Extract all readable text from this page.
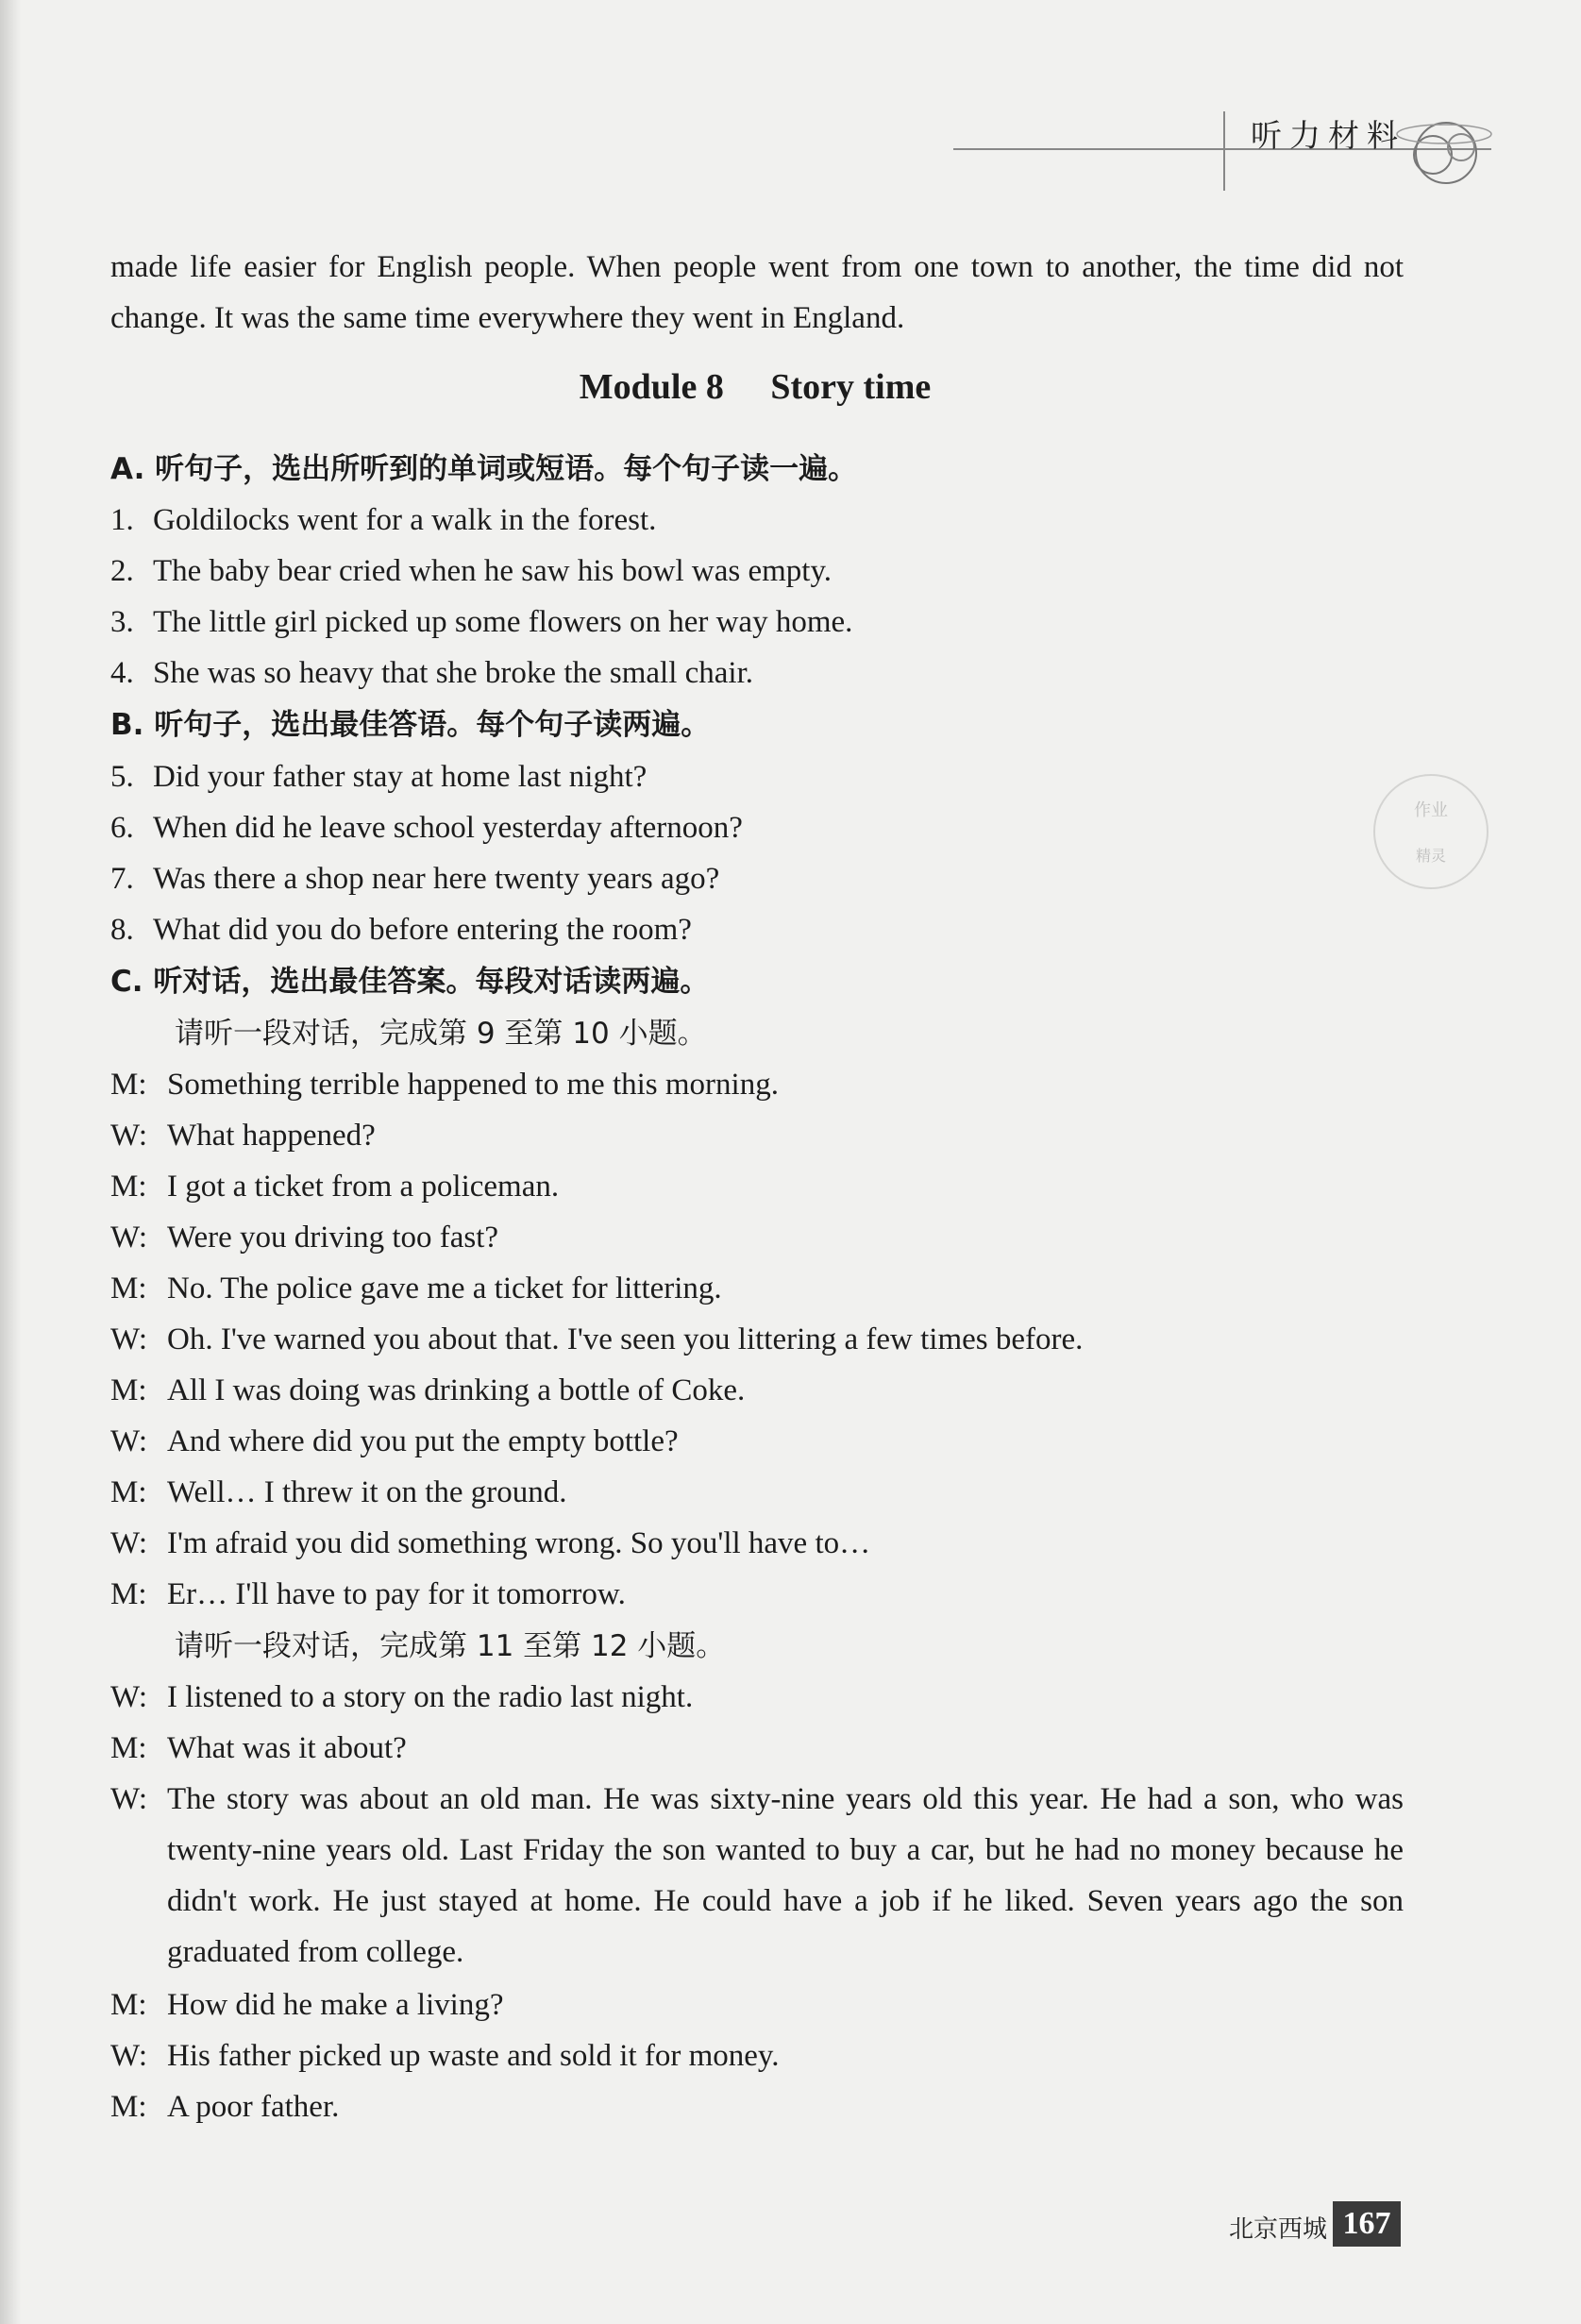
听力材料
made life easier for English people. When people went from one town to another, the time did not change. It was the same time everywhere they went in England.
Module 8 Story time
A. 听句子，选出所听到的单词或短语。每个句子读一遍。
1. Goldilocks went for a walk in the forest.
2. The baby bear cried when he saw his bowl was empty.
3. The little girl picked up some flowers on her way home.
4. She was so heavy that she broke the small chair.
B. 听句子，选出最佳答语。每个句子读两遍。
5. Did your father stay at home last night?
6. When did he leave school yesterday afternoon?
7. Was there a shop near here twenty years ago?
8. What did you do before entering the room?
C. 听对话，选出最佳答案。每段对话读两遍。
请听一段对话，完成第 9 至第 10 小题。
M: Something terrible happened to me this morning.
W: What happened?
M: I got a ticket from a policeman.
W: Were you driving too fast?
M: No. The police gave me a ticket for littering.
W: Oh. I've warned you about that. I've seen you littering a few times before.
M: All I was doing was drinking a bottle of Coke.
W: And where did you put the empty bottle?
M: Well… I threw it on the ground.
W: I'm afraid you did something wrong. So you'll have to…
M: Er… I'll have to pay for it tomorrow.
请听一段对话，完成第 11 至第 12 小题。
W: I listened to a story on the radio last night.
M: What was it about?
W: The story was about an old man. He was sixty-nine years old this year. He had a son, who was twenty-nine years old. Last Friday the son wanted to buy a car, but he had no money because he didn't work. He just stayed at home. He could have a job if he liked. Seven years ago the son graduated from college.
M: How did he make a living?
W: His father picked up waste and sold it for money.
M: A poor father.
作业
精灵
北京西城 167
